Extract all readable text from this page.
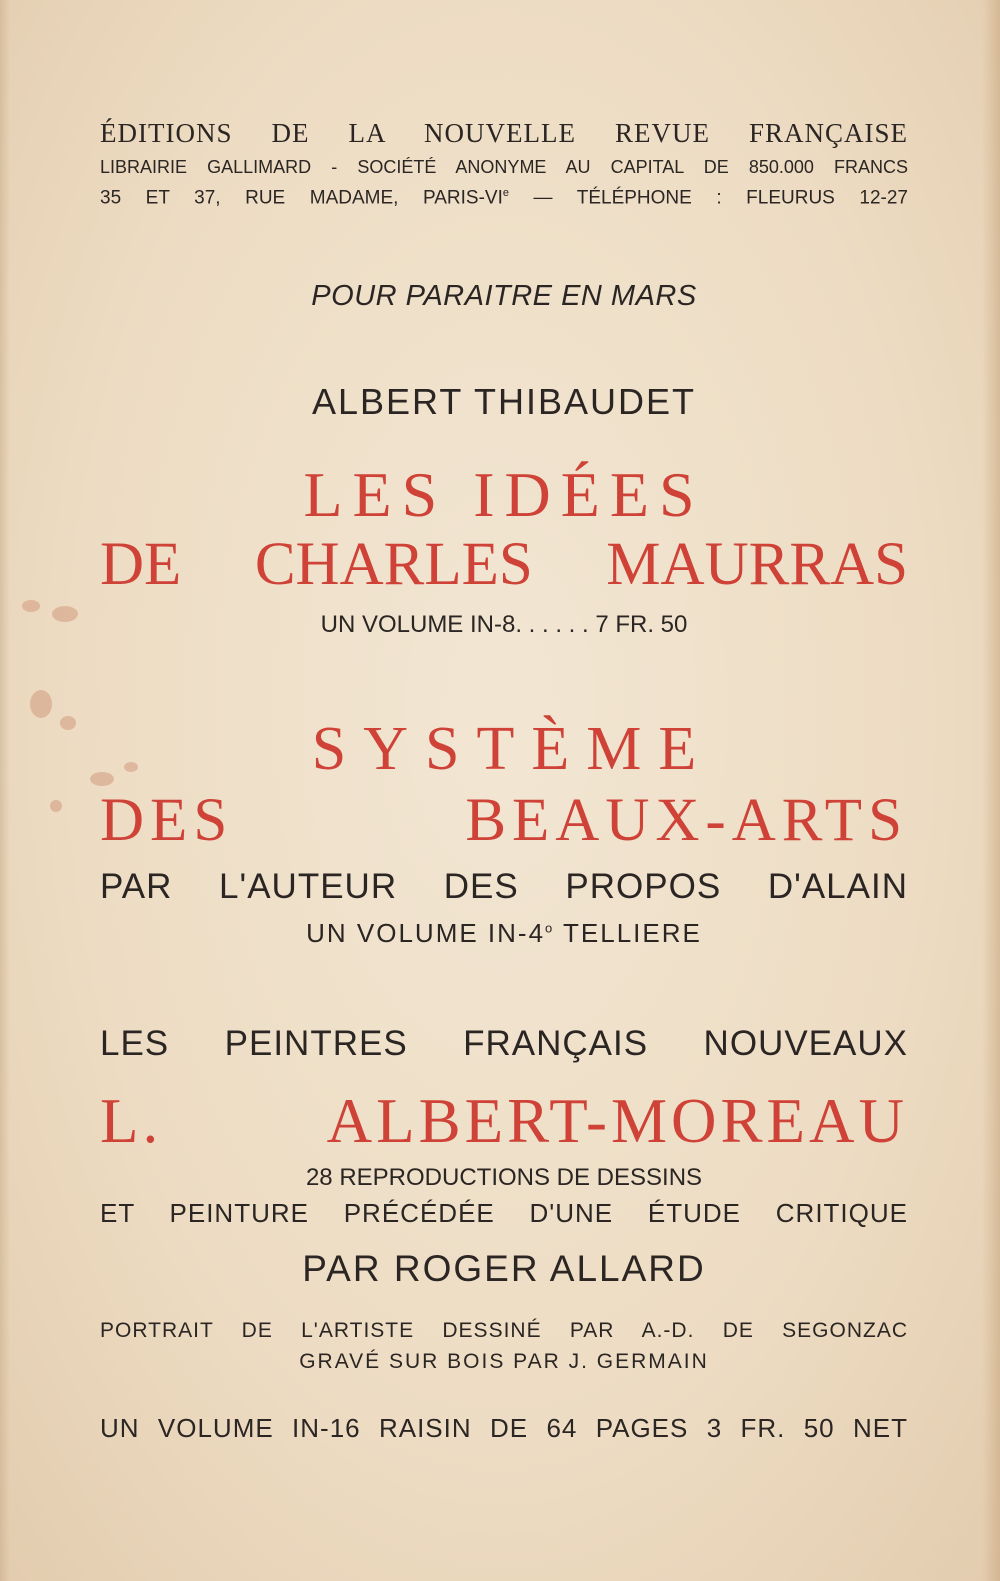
ÉDITIONS DE LA NOUVELLE REVUE FRANÇAISE
LIBRAIRIE GALLIMARD - SOCIÉTÉ ANONYME AU CAPITAL DE 850.000 FRANCS
35 ET 37, RUE MADAME, PARIS-VIe — TÉLÉPHONE : FLEURUS 12-27
POUR PARAITRE EN MARS
ALBERT THIBAUDET
LES IDÉES
DE CHARLES MAURRAS
UN VOLUME IN-8. . . . . . 7 FR. 50
SYSTÈME
DES BEAUX-ARTS
PAR L'AUTEUR DES PROPOS D'ALAIN
UN VOLUME IN-4$^o$ TELLIERE
LES PEINTRES FRANÇAIS NOUVEAUX
L. ALBERT-MOREAU
28 REPRODUCTIONS DE DESSINS
ET PEINTURE PRÉCÉDÉE D'UNE ÉTUDE CRITIQUE
PAR ROGER ALLARD
PORTRAIT DE L'ARTISTE DESSINÉ PAR A.-D. DE SEGONZAC
GRAVÉ SUR BOIS PAR J. GERMAIN
UN VOLUME IN-16 RAISIN DE 64 PAGES 3 FR. 50 NET
